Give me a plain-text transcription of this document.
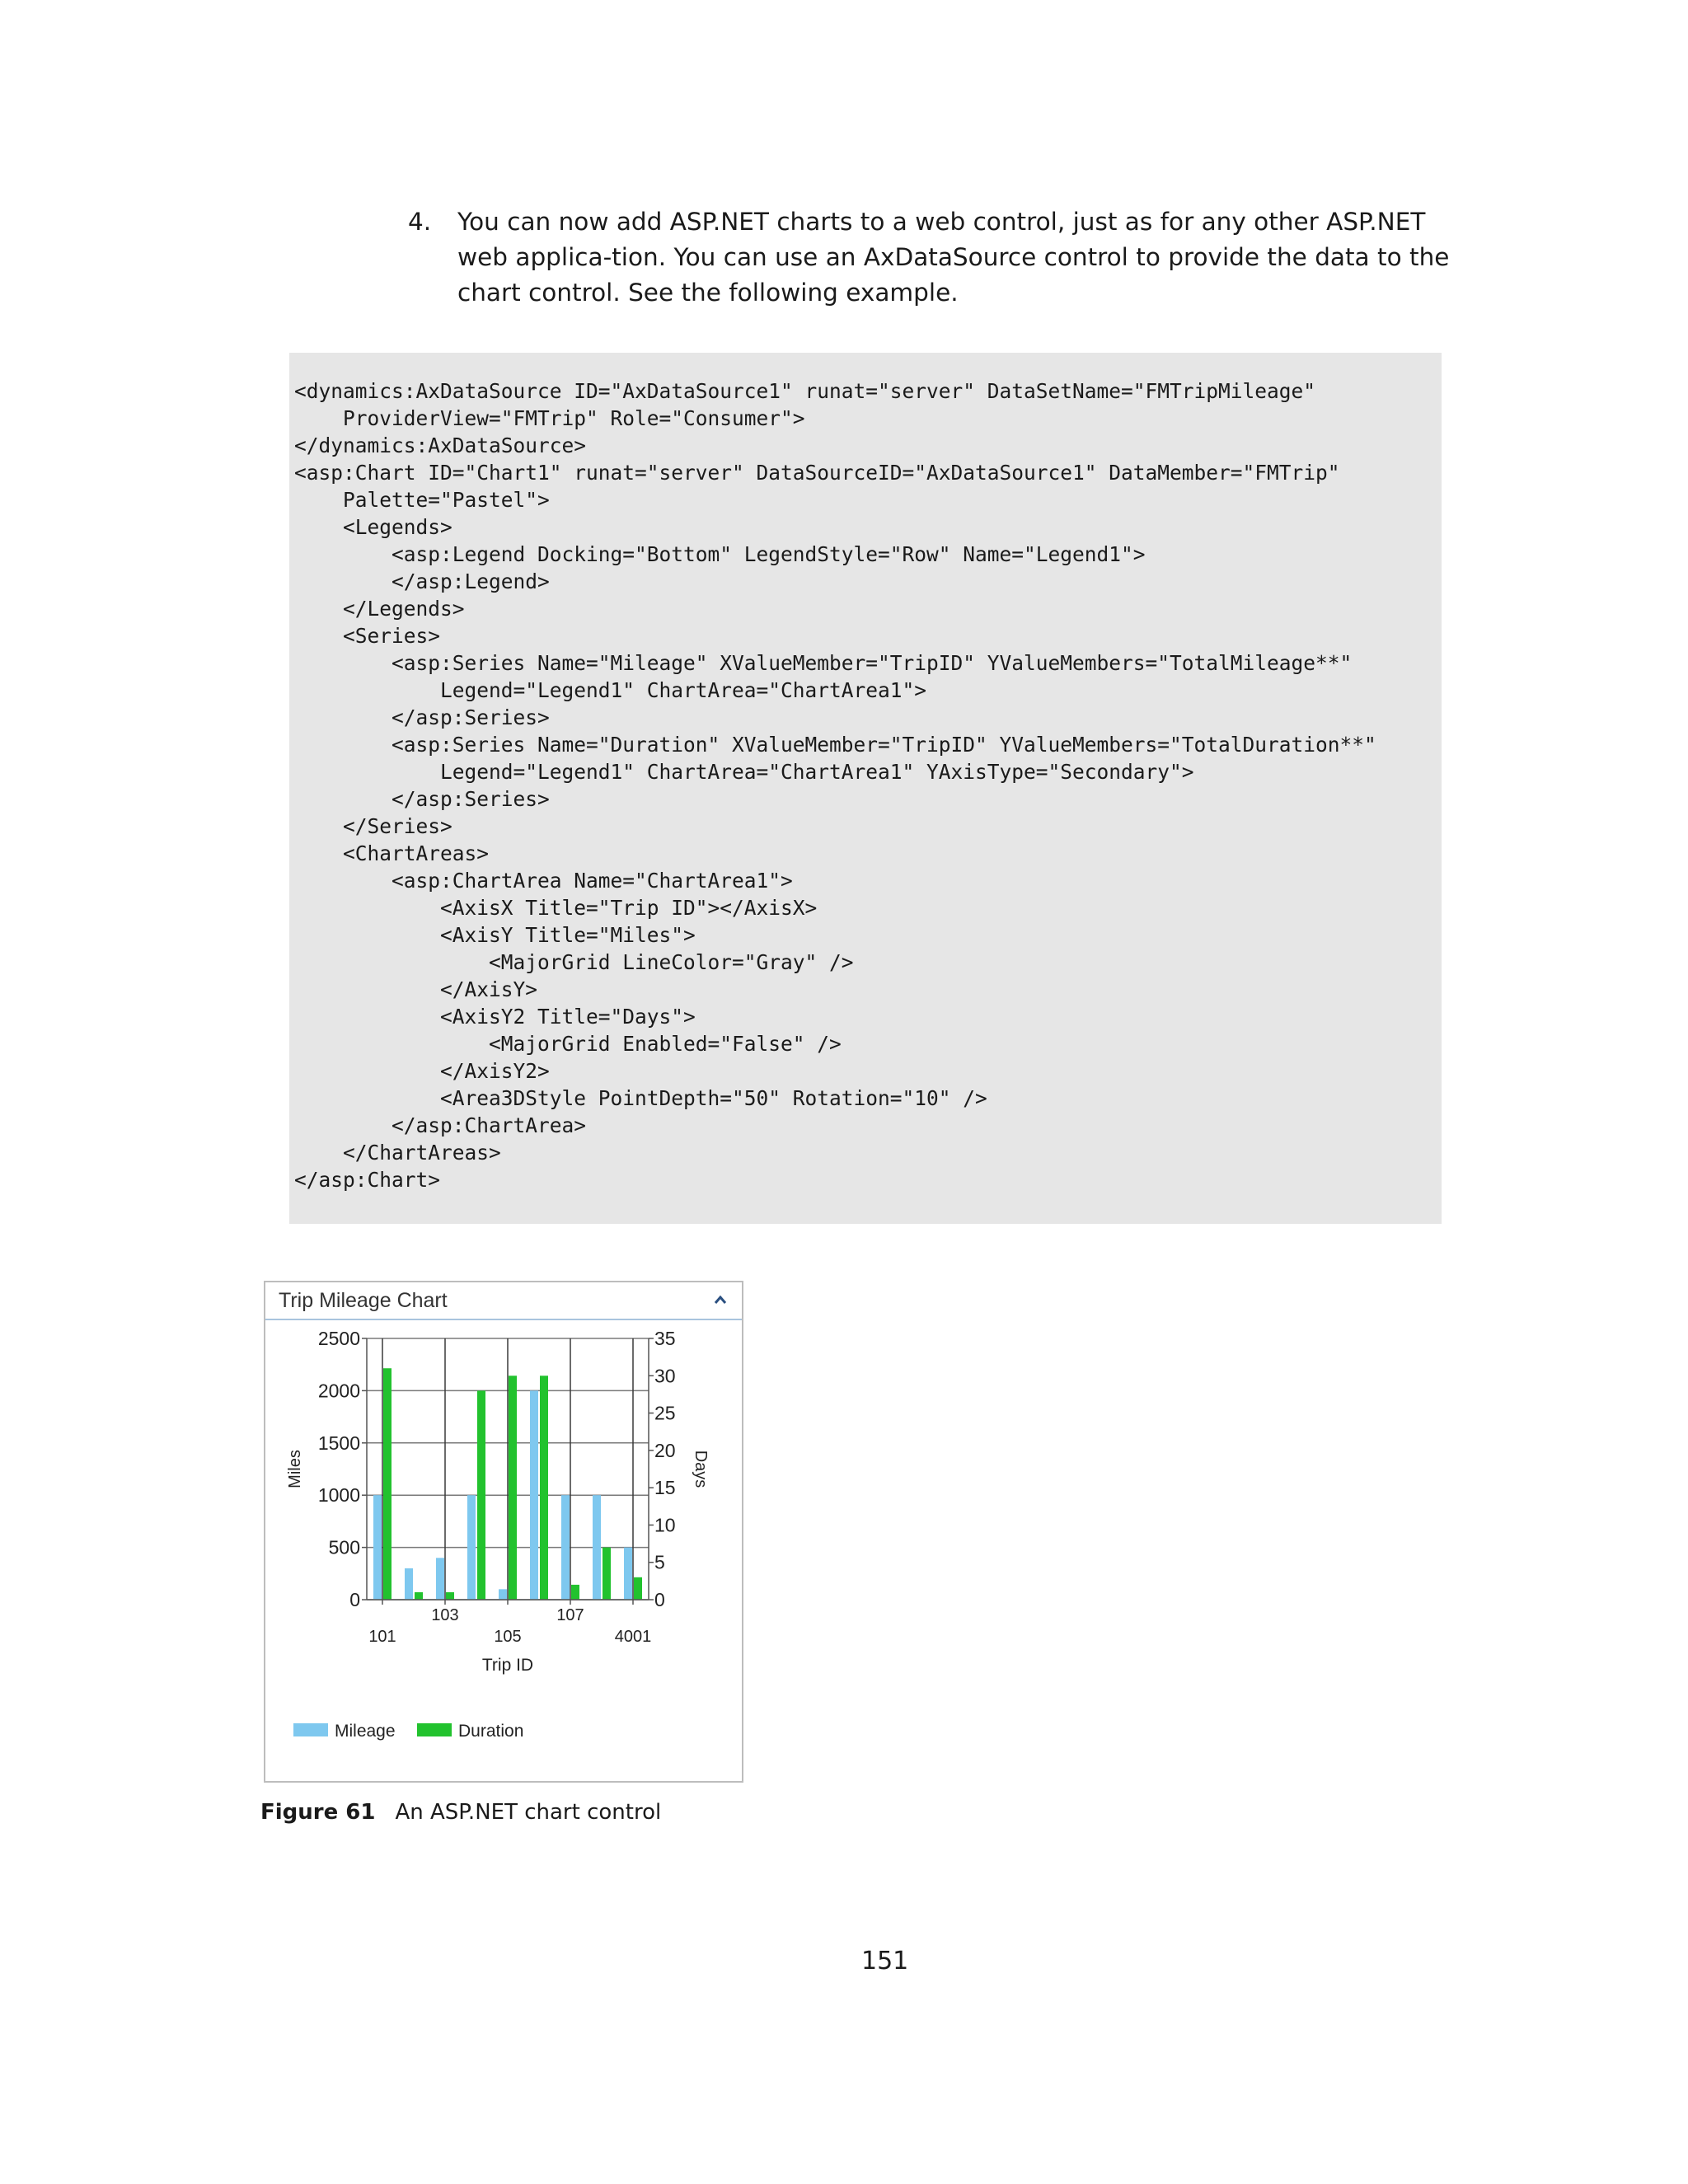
4. You can now add ASP.NET charts to a web control, just as for any other ASP.NET web applica-tion. You can use an AxDataSource control to provide the data to the chart control. See the following example.

<dynamics:AxDataSource ID="AxDataSource1" runat="server" DataSetName="FMTripMileage"
ProviderView="FMTrip" Role="Consumer">
</dynamics:AxDataSource>
<asp:Chart ID="Chart1" runat="server" DataSourceID="AxDataSource1" DataMember="FMTrip"
Palette="Pastel">
<Legends>
<asp:Legend Docking="Bottom" LegendStyle="Row" Name="Legend1">
</asp:Legend>
</Legends>
<Series>
<asp:Series Name="Mileage" XValueMember="TripID" YValueMembers="TotalMileage**"
Legend="Legend1" ChartArea="ChartArea1">
</asp:Series>
<asp:Series Name="Duration" XValueMember="TripID" YValueMembers="TotalDuration**"
Legend="Legend1" ChartArea="ChartArea1" YAxisType="Secondary">
</asp:Series>
</Series>
<ChartAreas>
<asp:ChartArea Name="ChartArea1">
<AxisX Title="Trip ID"></AxisX>
<AxisY Title="Miles">
<MajorGrid LineColor="Gray" />
</AxisY>
<AxisY2 Title="Days">
<MajorGrid Enabled="False" />
</AxisY2>
<Area3DStyle PointDepth="50" Rotation="10" />
</asp:ChartArea>
</ChartAreas>
</asp:Chart>
Trip Mileage Chart
0
500
1000
1500
2000
2500
0
5
10
15
20
25
30
35
101
103
105
107
4001
Trip ID
Miles	Days
Mileage	Duration
Figure 61 An ASP.NET chart control
151
